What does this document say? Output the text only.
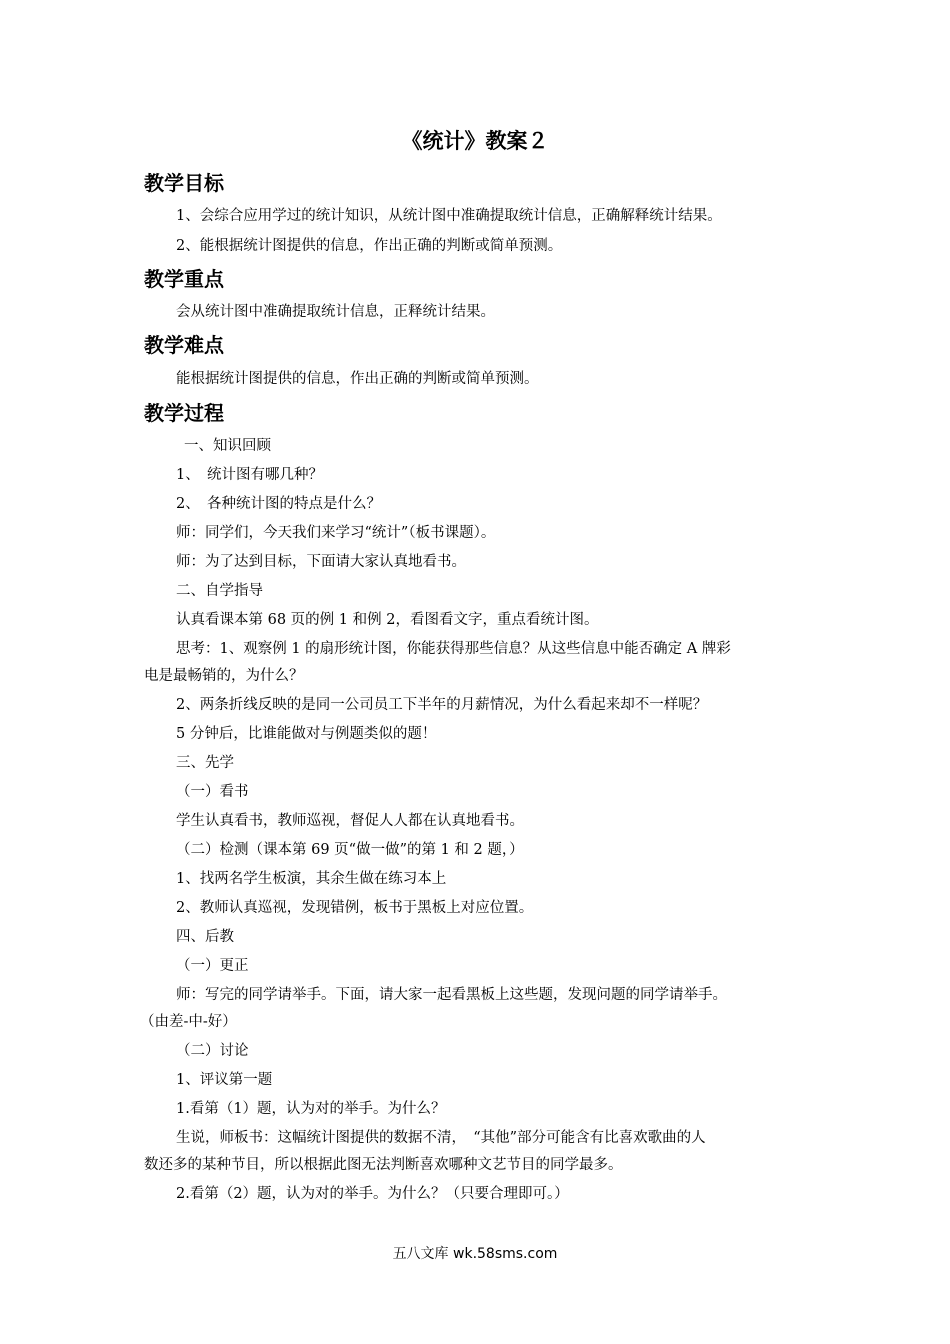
《统计》教案２
教学目标
1、会综合应用学过的统计知识，从统计图中准确提取统计信息，正确解释统计结果。
2、能根据统计图提供的信息，作出正确的判断或简单预测。
教学重点
会从统计图中准确提取统计信息，正释统计结果。
教学难点
能根据统计图提供的信息，作出正确的判断或简单预测。
教学过程
一、知识回顾
1、　统计图有哪几种？
2、　各种统计图的特点是什么？
师：同学们，今天我们来学习“统计”（板书课题）。
师：为了达到目标，下面请大家认真地看书。
二、自学指导
认真看课本第 68 页的例 1 和例 2，看图看文字，重点看统计图。
思考：1、观察例 1 的扇形统计图，你能获得那些信息？从这些信息中能否确定 A 牌彩
电是最畅销的，为什么？
2、两条折线反映的是同一公司员工下半年的月薪情况，为什么看起来却不一样呢？
5 分钟后，比谁能做对与例题类似的题！
三、先学
（一）看书
学生认真看书，教师巡视，督促人人都在认真地看书。
（二）检测（课本第 69 页“做一做”的第 1 和 2 题，）
1、找两名学生板演，其余生做在练习本上
2、教师认真巡视，发现错例，板书于黑板上对应位置。
四、后教
（一）更正
师：写完的同学请举手。下面，请大家一起看黑板上这些题，发现问题的同学请举手。
（由差-中-好）
（二）讨论
1、评议第一题
1.看第（1）题，认为对的举手。为什么？
生说，师板书：这幅统计图提供的数据不清，　“其他”部分可能含有比喜欢歌曲的人
数还多的某种节目，所以根据此图无法判断喜欢哪种文艺节目的同学最多。
2.看第（2）题，认为对的举手。为什么？（只要合理即可。）
五八文库 wk.58sms.com
